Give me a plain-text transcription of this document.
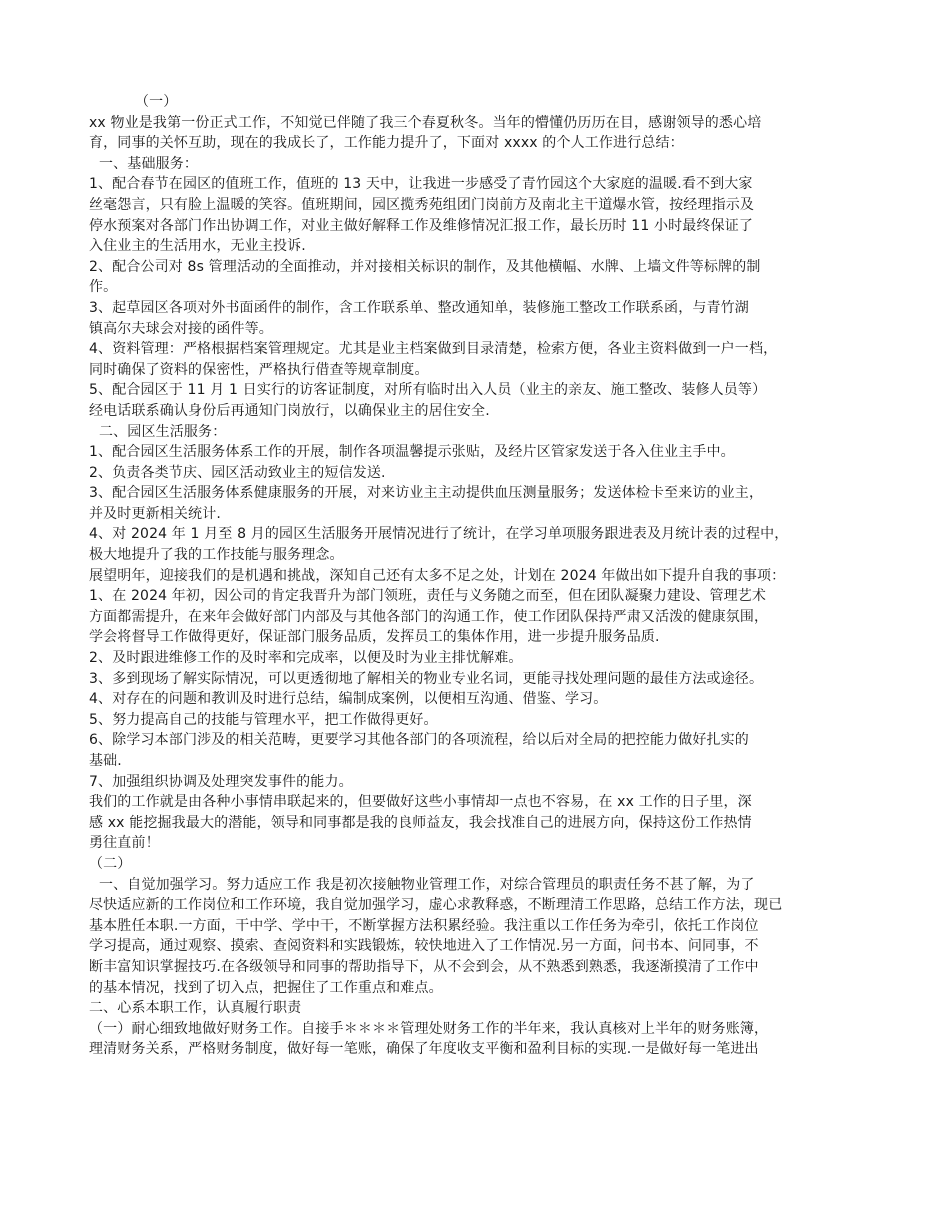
（一）
xx 物业是我第一份正式工作，不知觉已伴随了我三个春夏秋冬。当年的懵懂仍历历在目，感谢领导的悉心培
育，同事的关怀互助，现在的我成长了，工作能力提升了，下面对 xxxx 的个人工作进行总结：
一、基础服务：
1、配合春节在园区的值班工作，值班的 13 天中，让我进一步感受了青竹园这个大家庭的温暖.看不到大家
丝毫怨言，只有脸上温暖的笑容。值班期间，园区揽秀苑组团门岗前方及南北主干道爆水管，按经理指示及
停水预案对各部门作出协调工作，对业主做好解释工作及维修情况汇报工作，最长历时 11 小时最终保证了
入住业主的生活用水，无业主投诉.
2、配合公司对 8s 管理活动的全面推动，并对接相关标识的制作，及其他横幅、水牌、上墙文件等标牌的制
作。
3、起草园区各项对外书面函件的制作，含工作联系单、整改通知单，装修施工整改工作联系函，与青竹湖
镇高尔夫球会对接的函件等。
4、资料管理：严格根据档案管理规定。尤其是业主档案做到目录清楚，检索方便，各业主资料做到一户一档，
同时确保了资料的保密性，严格执行借查等规章制度。
5、配合园区于 11 月 1 日实行的访客证制度，对所有临时出入人员（业主的亲友、施工整改、装修人员等）
经电话联系确认身份后再通知门岗放行，以确保业主的居住安全.
二、园区生活服务：
1、配合园区生活服务体系工作的开展，制作各项温馨提示张贴，及经片区管家发送于各入住业主手中。
2、负责各类节庆、园区活动致业主的短信发送.
3、配合园区生活服务体系健康服务的开展，对来访业主主动提供血压测量服务；发送体检卡至来访的业主，
并及时更新相关统计.
4、对 2024 年 1 月至 8 月的园区生活服务开展情况进行了统计，在学习单项服务跟进表及月统计表的过程中，
极大地提升了我的工作技能与服务理念。
展望明年，迎接我们的是机遇和挑战，深知自己还有太多不足之处，计划在 2024 年做出如下提升自我的事项：
1、在 2024 年初，因公司的肯定我晋升为部门领班，责任与义务随之而至，但在团队凝聚力建设、管理艺术
方面都需提升，在来年会做好部门内部及与其他各部门的沟通工作，使工作团队保持严肃又活泼的健康氛围，
学会将督导工作做得更好，保证部门服务品质，发挥员工的集体作用，进一步提升服务品质.
2、及时跟进维修工作的及时率和完成率，以便及时为业主排忧解难。
3、多到现场了解实际情况，可以更透彻地了解相关的物业专业名词，更能寻找处理问题的最佳方法或途径。
4、对存在的问题和教训及时进行总结，编制成案例，以便相互沟通、借鉴、学习。
5、努力提高自己的技能与管理水平，把工作做得更好。
6、除学习本部门涉及的相关范畴，更要学习其他各部门的各项流程，给以后对全局的把控能力做好扎实的
基础.
7、加强组织协调及处理突发事件的能力。
我们的工作就是由各种小事情串联起来的，但要做好这些小事情却一点也不容易，在 xx 工作的日子里，深
感 xx 能挖掘我最大的潜能，领导和同事都是我的良师益友，我会找准自己的进展方向，保持这份工作热情
勇往直前！
（二）
一、自觉加强学习。努力适应工作 我是初次接触物业管理工作，对综合管理员的职责任务不甚了解，为了
尽快适应新的工作岗位和工作环境，我自觉加强学习，虚心求教释惑，不断理清工作思路，总结工作方法，现已
基本胜任本职.一方面，干中学、学中干，不断掌握方法积累经验。我注重以工作任务为牵引，依托工作岗位
学习提高，通过观察、摸索、查阅资料和实践锻炼，较快地进入了工作情况.另一方面，问书本、问同事，不
断丰富知识掌握技巧.在各级领导和同事的帮助指导下，从不会到会，从不熟悉到熟悉，我逐渐摸清了工作中
的基本情况，找到了切入点，把握住了工作重点和难点。
二、心系本职工作，认真履行职责
（一）耐心细致地做好财务工作。自接手＊＊＊＊管理处财务工作的半年来，我认真核对上半年的财务账簿，
理清财务关系，严格财务制度，做好每一笔账，确保了年度收支平衡和盈利目标的实现.一是做好每一笔进出
